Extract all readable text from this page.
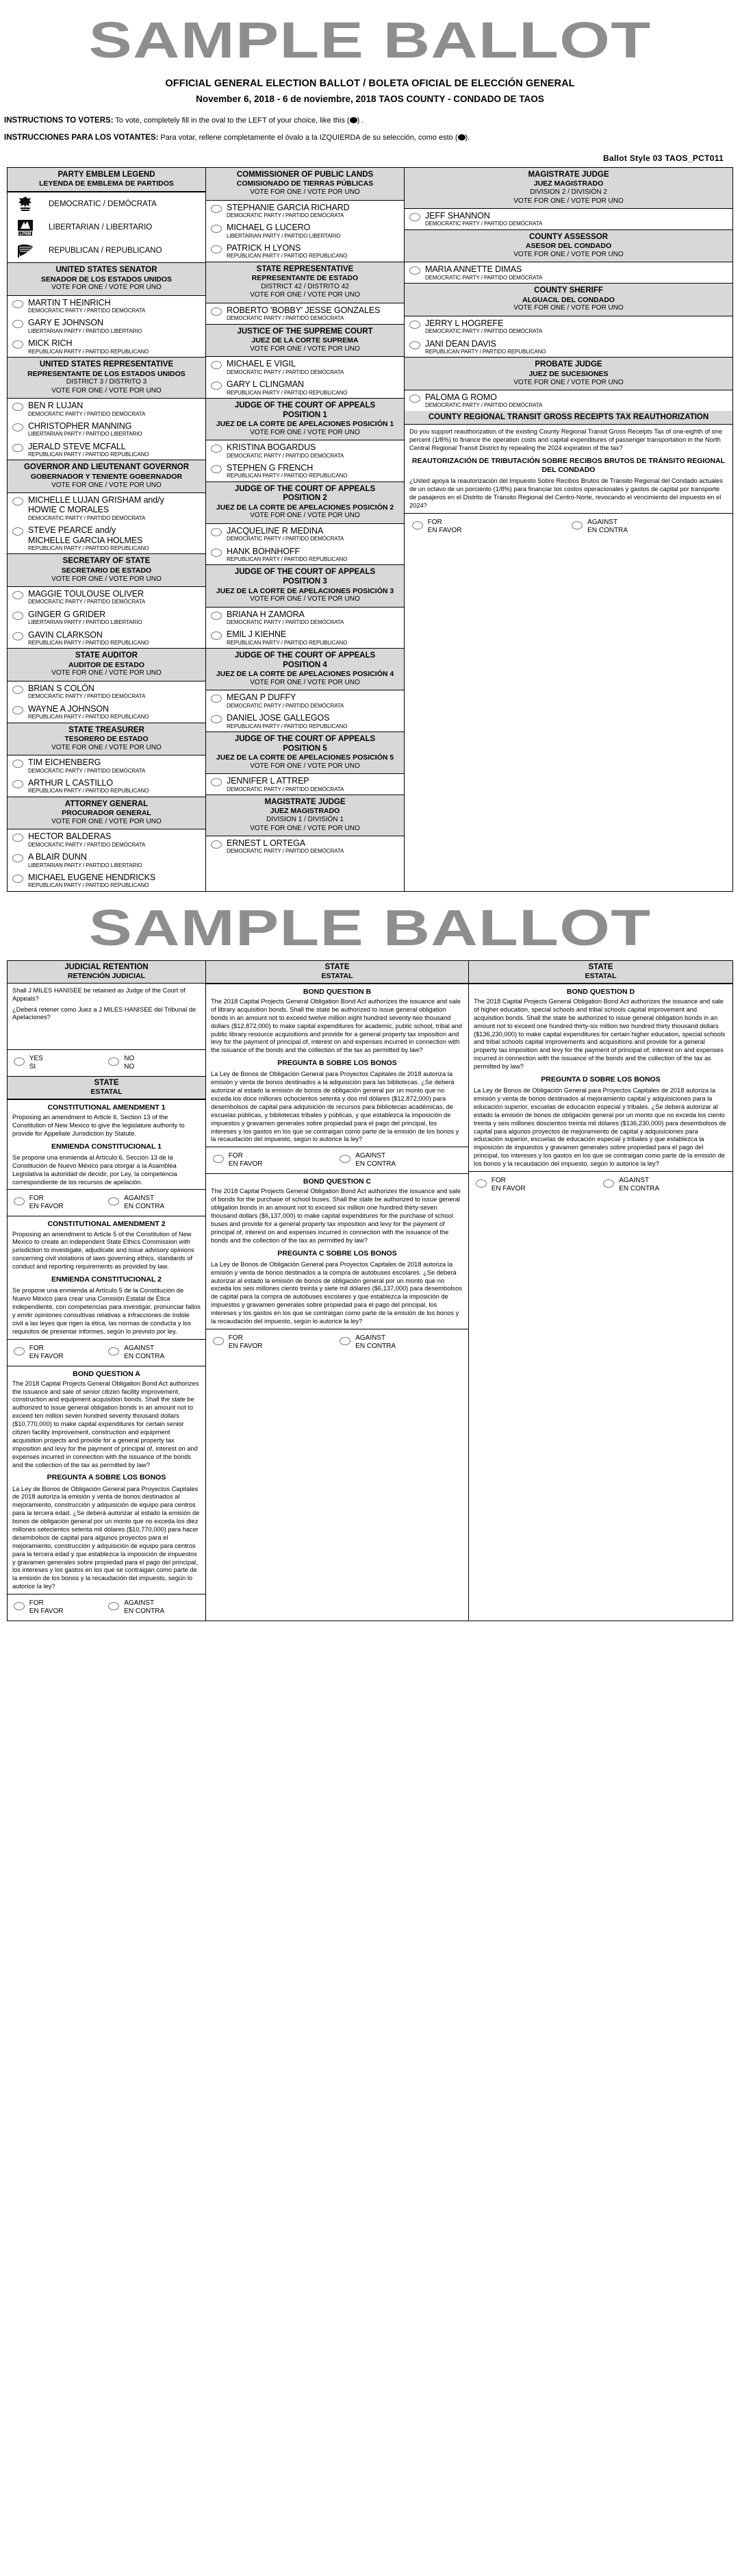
SAMPLE BALLOT
OFFICIAL GENERAL ELECTION BALLOT / BOLETA OFICIAL DE ELECCIÓN GENERAL
November 6, 2018 - 6 de noviembre, 2018 TAOS COUNTY - CONDADO DE TAOS
INSTRUCTIONS TO VOTERS: To vote, completely fill in the oval to the LEFT of your choice, like this ( ) .
INSTRUCCIONES PARA LOS VOTANTES: Para votar, rellene completamente el óvalo a la IZQUIERDA de su selección, como esto ( ).
Ballot Style 03 TAOS_PCT011
PARTY EMBLEM LEGEND
LEYENDA DE EMBLEMA DE PARTIDOS
DEMOCRATIC / DEMÓCRATA
LPNM
LIBERTARIAN / LIBERTARIO
REPUBLICAN / REPUBLICANO
UNITED STATES SENATOR
SENADOR DE LOS ESTADOS UNIDOS
VOTE FOR ONE / VOTE POR UNO
MARTIN T HEINRICH
DEMOCRATIC PARTY / PARTIDO DEMÓCRATA
GARY E JOHNSON
LIBERTARIAN PARTY / PARTIDO LIBERTARIO
MICK RICH
REPUBLICAN PARTY / PARTIDO REPUBLICANO
UNITED STATES REPRESENTATIVE
REPRESENTANTE DE LOS ESTADOS UNIDOS
DISTRICT 3 / DISTRITO 3
VOTE FOR ONE / VOTE POR UNO
BEN R LUJAN
DEMOCRATIC PARTY / PARTIDO DEMÓCRATA
CHRISTOPHER MANNING
LIBERTARIAN PARTY / PARTIDO LIBERTARIO
JERALD STEVE MCFALL
REPUBLICAN PARTY / PARTIDO REPUBLICANO
GOVERNOR AND LIEUTENANT GOVERNOR
GOBERNADOR Y TENIENTE GOBERNADOR
VOTE FOR ONE / VOTE POR UNO
MICHELLE LUJAN GRISHAM and/y
HOWIE C MORALES
DEMOCRATIC PARTY / PARTIDO DEMÓCRATA
STEVE PEARCE and/y
MICHELLE GARCIA HOLMES
REPUBLICAN PARTY / PARTIDO REPUBLICANO
SECRETARY OF STATE
SECRETARIO DE ESTADO
VOTE FOR ONE / VOTE POR UNO
MAGGIE TOULOUSE OLIVER
DEMOCRATIC PARTY / PARTIDO DEMÓCRATA
GINGER G GRIDER
LIBERTARIAN PARTY / PARTIDO LIBERTARIO
GAVIN CLARKSON
REPUBLICAN PARTY / PARTIDO REPUBLICANO
STATE AUDITOR
AUDITOR DE ESTADO
VOTE FOR ONE / VOTE POR UNO
BRIAN S COLÓN
DEMOCRATIC PARTY / PARTIDO DEMÓCRATA
WAYNE A JOHNSON
REPUBLICAN PARTY / PARTIDO REPUBLICANO
STATE TREASURER
TESORERO DE ESTADO
VOTE FOR ONE / VOTE POR UNO
TIM EICHENBERG
DEMOCRATIC PARTY / PARTIDO DEMÓCRATA
ARTHUR L CASTILLO
REPUBLICAN PARTY / PARTIDO REPUBLICANO
ATTORNEY GENERAL
PROCURADOR GENERAL
VOTE FOR ONE / VOTE POR UNO
HECTOR BALDERAS
DEMOCRATIC PARTY / PARTIDO DEMÓCRATA
A BLAIR DUNN
LIBERTARIAN PARTY / PARTIDO LIBERTARIO
MICHAEL EUGENE HENDRICKS
REPUBLICAN PARTY / PARTIDO REPUBLICANO
COMMISSIONER OF PUBLIC LANDS
COMISIONADO DE TIERRAS PÚBLICAS
VOTE FOR ONE / VOTE POR UNO
STEPHANIE GARCIA RICHARD
DEMOCRATIC PARTY / PARTIDO DEMÓCRATA
MICHAEL G LUCERO
LIBERTARIAN PARTY / PARTIDO LIBERTARIO
PATRICK H LYONS
REPUBLICAN PARTY / PARTIDO REPUBLICANO
STATE REPRESENTATIVE
REPRESENTANTE DE ESTADO
DISTRICT 42 / DISTRITO 42
VOTE FOR ONE / VOTE POR UNO
ROBERTO 'BOBBY' JESSE GONZALES
DEMOCRATIC PARTY / PARTIDO DEMÓCRATA
JUSTICE OF THE SUPREME COURT
JUEZ DE LA CORTE SUPREMA
VOTE FOR ONE / VOTE POR UNO
MICHAEL E VIGIL
DEMOCRATIC PARTY / PARTIDO DEMÓCRATA
GARY L CLINGMAN
REPUBLICAN PARTY / PARTIDO REPUBLICANO
JUDGE OF THE COURT OF APPEALS
POSITION 1
JUEZ DE LA CORTE DE APELACIONES POSICIÓN 1
VOTE FOR ONE / VOTE POR UNO
KRISTINA BOGARDUS
DEMOCRATIC PARTY / PARTIDO DEMÓCRATA
STEPHEN G FRENCH
REPUBLICAN PARTY / PARTIDO REPUBLICANO
JUDGE OF THE COURT OF APPEALS
POSITION 2
JUEZ DE LA CORTE DE APELACIONES POSICIÓN 2
VOTE FOR ONE / VOTE POR UNO
JACQUELINE R MEDINA
DEMOCRATIC PARTY / PARTIDO DEMÓCRATA
HANK BOHNHOFF
REPUBLICAN PARTY / PARTIDO REPUBLICANO
JUDGE OF THE COURT OF APPEALS
POSITION 3
JUEZ DE LA CORTE DE APELACIONES POSICIÓN 3
VOTE FOR ONE / VOTE POR UNO
BRIANA H ZAMORA
DEMOCRATIC PARTY / PARTIDO DEMÓCRATA
EMIL J KIEHNE
REPUBLICAN PARTY / PARTIDO REPUBLICANO
JUDGE OF THE COURT OF APPEALS
POSITION 4
JUEZ DE LA CORTE DE APELACIONES POSICIÓN 4
VOTE FOR ONE / VOTE POR UNO
MEGAN P DUFFY
DEMOCRATIC PARTY / PARTIDO DEMÓCRATA
DANIEL JOSE GALLEGOS
REPUBLICAN PARTY / PARTIDO REPUBLICANO
JUDGE OF THE COURT OF APPEALS
POSITION 5
JUEZ DE LA CORTE DE APELACIONES POSICIÓN 5
VOTE FOR ONE / VOTE POR UNO
JENNIFER L ATTREP
DEMOCRATIC PARTY / PARTIDO DEMÓCRATA
MAGISTRATE JUDGE
JUEZ MAGISTRADO
DIVISION 1 / DIVISIÓN 1
VOTE FOR ONE / VOTE POR UNO
ERNEST L ORTEGA
DEMOCRATIC PARTY / PARTIDO DEMÓCRATA
MAGISTRATE JUDGE
JUEZ MAGISTRADO
DIVISION 2 / DIVISIÓN 2
VOTE FOR ONE / VOTE POR UNO
JEFF SHANNON
DEMOCRATIC PARTY / PARTIDO DEMÓCRATA
COUNTY ASSESSOR
ASESOR DEL CONDADO
VOTE FOR ONE / VOTE POR UNO
MARIA ANNETTE DIMAS
DEMOCRATIC PARTY / PARTIDO DEMÓCRATA
COUNTY SHERIFF
ALGUACIL DEL CONDADO
VOTE FOR ONE / VOTE POR UNO
JERRY L HOGREFE
DEMOCRATIC PARTY / PARTIDO DEMÓCRATA
JANI DEAN DAVIS
REPUBLICAN PARTY / PARTIDO REPUBLICANO
PROBATE JUDGE
JUEZ DE SUCESIONES
VOTE FOR ONE / VOTE POR UNO
PALOMA G ROMO
DEMOCRATIC PARTY / PARTIDO DEMÓCRATA
COUNTY REGIONAL TRANSIT GROSS RECEIPTS TAX REAUTHORIZATION
Do you support reauthorization of the existing County Regional Transit Gross Receipts Tax of one-eighth of one percent (1/8%) to finance the operation costs and capital expenditures of passenger transportation in the North Central Regional Transit District by repealing the 2024 expiration of the tax?
REAUTORIZACIÓN DE TRIBUTACIÓN SOBRE RECIBOS BRUTOS DE TRÁNSITO REGIONAL DEL CONDADO
¿Usted apoya la reautorización del Impuesto Sobre Recibos Brutos de Tránsito Regional del Condado actuales de un octavo de un porciento (1/8%) para financiar los costos operacionales y gastos de capital por transporte de pasajeros en el Distrito de Tránsito Regional del Centro-Norte, revocando el vencimiento del impuesto en el 2024?
FOR
EN FAVOR
AGAINST
EN CONTRA
SAMPLE BALLOT
JUDICIAL RETENTION
RETENCIÓN JUDICIAL
Shall J MILES HANISEE be retained as Judge of the Court of Appeals?
¿Deberá retener como Juez a J MILES HANISEE del Tribunal de Apelaciones?
YES
SI
NO
NO
STATE
ESTATAL
CONSTITUTIONAL AMENDMENT 1
Proposing an amendment to Article 6, Section 13 of the Constitution of New Mexico to give the legislature authority to provide for Appellate Jurisdiction by Statute.
ENMIENDA CONSTITUCIONAL 1
Se propone una enmienda al Artículo 6, Sección 13 de la Constitución de Nuevo México para otorgar a la Asamblea Legislativa la autoridad de decidir, por Ley, la competencia correspondiente de los recursos de apelación.
FOR
EN FAVOR
AGAINST
EN CONTRA
CONSTITUTIONAL AMENDMENT 2
Proposing an amendment to Article 5 of the Constitution of New Mexico to create an independent State Ethics Commission with jurisdiction to investigate, adjudicate and issue advisory opinions concerning civil violations of laws governing ethics, standards of conduct and reporting requirements as provided by law.
ENMIENDA CONSTITUCIONAL 2
Se propone una enmienda al Artículo 5 de la Constitución de Nuevo México para crear una Comisión Estatal de Ética independiente, con competencias para investigar, pronunciar fallos y emitir opiniones consultivas relativas a infracciones de índole civil a las leyes que rigen la ética, las normas de conducta y los requisitos de presentar informes, según lo previsto por ley.
FOR
EN FAVOR
AGAINST
EN CONTRA
BOND QUESTION A
The 2018 Capital Projects General Obligation Bond Act authorizes the issuance and sale of senior citizen facility improvement, construction and equipment acquisition bonds. Shall the state be authorized to issue general obligation bonds in an amount not to exceed ten million seven hundred seventy thousand dollars ($10,770,000) to make capital expenditures for certain senior citizen facility improvement, construction and equipment acquisition projects and provide for a general property tax imposition and levy for the payment of principal of, interest on and expenses incurred in connection with the issuance of the bonds and the collection of the tax as permitted by law?
PREGUNTA A SOBRE LOS BONOS
La Ley de Bonos de Obligación General para Proyectos Capitales de 2018 autoriza la emisión y venta de bonos destinados al mejoramiento, construcción y adquisición de equipo para centros para la tercera edad. ¿Se deberá autorizar al estado la emisión de bonos de obligación general por un monto que no exceda los diez millones setecientos setenta mil dólares ($10,770,000) para hacer desembolsos de capital para algunos proyectos para el mejoramiento, construcción y adquisición de equipo para centros para la tercera edad y que establezca la imposición de impuestos y gravamen generales sobre propiedad para el pago del principal, los intereses y los gastos en los que se contraigan como parte de la emisión de los bonos y la recaudación del impuesto, según lo autorice la ley?
FOR
EN FAVOR
AGAINST
EN CONTRA
STATE
ESTATAL
BOND QUESTION B
The 2018 Capital Projects General Obligation Bond Act authorizes the issuance and sale of library acquisition bonds. Shall the state be authorized to issue general obligation bonds in an amount not to exceed twelve million eight hundred seventy-two thousand dollars ($12,872,000) to make capital expenditures for academic, public school, tribal and public library resource acquisitions and provide for a general property tax imposition and levy for the payment of principal of, interest on and expenses incurred in connection with the issuance of the bonds and the collection of the tax as permitted by law?
PREGUNTA B SOBRE LOS BONOS
La Ley de Bonos de Obligación General para Proyectos Capitales de 2018 autoriza la emisión y venta de bonos destinados a la adquisición para las bibliotecas. ¿Se deberá autorizar al estado la emisión de bonos de obligación general por un monto que no exceda los doce millones ochocientos setenta y dos mil dólares ($12,872,000) para desembolsos de capital para adquisición de recursos para bibliotecas académicas, de escuelas públicas, y bibliotecas tribales y públicas, y que establezca la imposición de impuestos y gravamen generales sobre propiedad para el pago del principal, los intereses y los gastos en los que se contraigan como parte de la emisión de los bonos y la recaudación del impuesto, según lo autorice la ley?
FOR
EN FAVOR
AGAINST
EN CONTRA
BOND QUESTION C
The 2018 Capital Projects General Obligation Bond Act authorizes the issuance and sale of bonds for the purchase of school buses. Shall the state be authorized to issue general obligation bonds in an amount not to exceed six million one hundred thirty-seven thousand dollars ($6,137,000) to make capital expenditures for the purchase of school buses and provide for a general property tax imposition and levy for the payment of principal of, interest on and expenses incurred in connection with the issuance of the bonds and the collection of the tax as permitted by law?
PREGUNTA C SOBRE LOS BONOS
La Ley de Bonos de Obligación General para Proyectos Capitales de 2018 autoriza la emisión y venta de bonos destinados a la compra de autobuses escolares. ¿Se deberá autorizar al estado la emisión de bonos de obligación general por un monto que no exceda los seis millones ciento treinta y siete mil dólares ($6,137,000) para desembolsos de capital para la compra de autobuses escolares y que establezca la imposición de impuestos y gravamen generales sobre propiedad para el pago del principal, los intereses y los gastos en los que se contraigan como parte de la emisión de los bonos y la recaudación del impuesto, según lo autorice la ley?
FOR
EN FAVOR
AGAINST
EN CONTRA
STATE
ESTATAL
BOND QUESTION D
The 2018 Capital Projects General Obligation Bond Act authorizes the issuance and sale of higher education, special schools and tribal schools capital improvement and acquisition bonds. Shall the state be authorized to issue general obligation bonds in an amount not to exceed one hundred thirty-six million two hundred thirty thousand dollars ($136,230,000) to make capital expenditures for certain higher education, special schools and tribal schools capital improvements and acquisitions and provide for a general property tax imposition and levy for the payment of principal of, interest on and expenses incurred in connection with the issuance of the bonds and the collection of the tax as permitted by law?
PREGUNTA D SOBRE LOS BONOS
La Ley de Bonos de Obligación General para Proyectos Capitales de 2018 autoriza la emisión y venta de bonos destinados al mejoramiento capital y adquisiciones para la educación superior, escuelas de educación especial y tribales. ¿Se deberá autorizar al estado la emisión de bonos de obligación general por un monto que no exceda los ciento treinta y seis millones doscientos treinta mil dólares ($136,230,000) para desembolsos de capital para algunos proyectos de mejoramiento de capital y adquisiciones para educación superior, escuelas de educación especial y tribales y que establezca la imposición de impuestos y gravamen generales sobre propiedad para el pago del principal, los intereses y los gastos en los que se contraigan como parte de la emisión de los bonos y la recaudación del impuesto, según lo autorice la ley?
FOR
EN FAVOR
AGAINST
EN CONTRA
